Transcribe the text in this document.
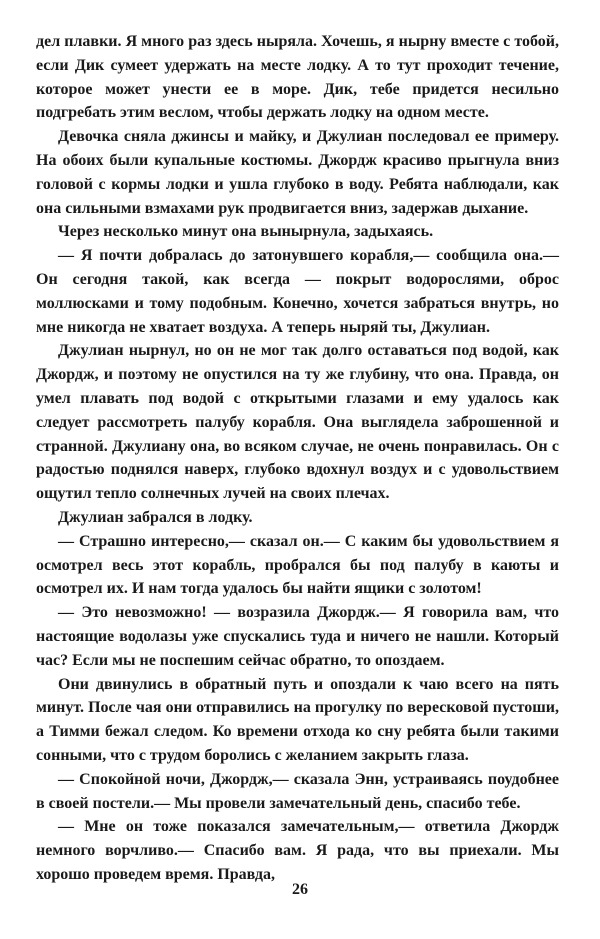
дел плавки. Я много раз здесь ныряла. Хочешь, я нырну вместе с тобой, если Дик сумеет удержать на месте лодку. А то тут проходит течение, которое может унести ее в море. Дик, тебе придется несильно подгребать этим веслом, чтобы держать лодку на одном месте.

Девочка сняла джинсы и майку, и Джулиан последовал ее примеру. На обоих были купальные костюмы. Джордж красиво прыгнула вниз головой с кормы лодки и ушла глубоко в воду. Ребята наблюдали, как она сильными взмахами рук продвигается вниз, задержав дыхание.

Через несколько минут она вынырнула, задыхаясь.

— Я почти добралась до затонувшего корабля,— сообщила она.— Он сегодня такой, как всегда — покрыт водорослями, оброс моллюсками и тому подобным. Конечно, хочется забраться внутрь, но мне никогда не хватает воздуха. А теперь ныряй ты, Джулиан.

Джулиан нырнул, но он не мог так долго оставаться под водой, как Джордж, и поэтому не опустился на ту же глубину, что она. Правда, он умел плавать под водой с открытыми глазами и ему удалось как следует рассмотреть палубу корабля. Она выглядела заброшенной и странной. Джулиану она, во всяком случае, не очень понравилась. Он с радостью поднялся наверх, глубоко вдохнул воздух и с удовольствием ощутил тепло солнечных лучей на своих плечах.

Джулиан забрался в лодку.

— Страшно интересно,— сказал он.— С каким бы удовольствием я осмотрел весь этот корабль, пробрался бы под палубу в каюты и осмотрел их. И нам тогда удалось бы найти ящики с золотом!

— Это невозможно! — возразила Джордж.— Я говорила вам, что настоящие водолазы уже спускались туда и ничего не нашли. Который час? Если мы не поспешим сейчас обратно, то опоздаем.

Они двинулись в обратный путь и опоздали к чаю всего на пять минут. После чая они отправились на прогулку по вересковой пустоши, а Тимми бежал следом. Ко времени отхода ко сну ребята были такими сонными, что с трудом боролись с желанием закрыть глаза.

— Спокойной ночи, Джордж,— сказала Энн, устраиваясь поудобнее в своей постели.— Мы провели замечательный день, спасибо тебе.

— Мне он тоже показался замечательным,— ответила Джордж немного ворчливо.— Спасибо вам. Я рада, что вы приехали. Мы хорошо проведем время. Правда,

26
